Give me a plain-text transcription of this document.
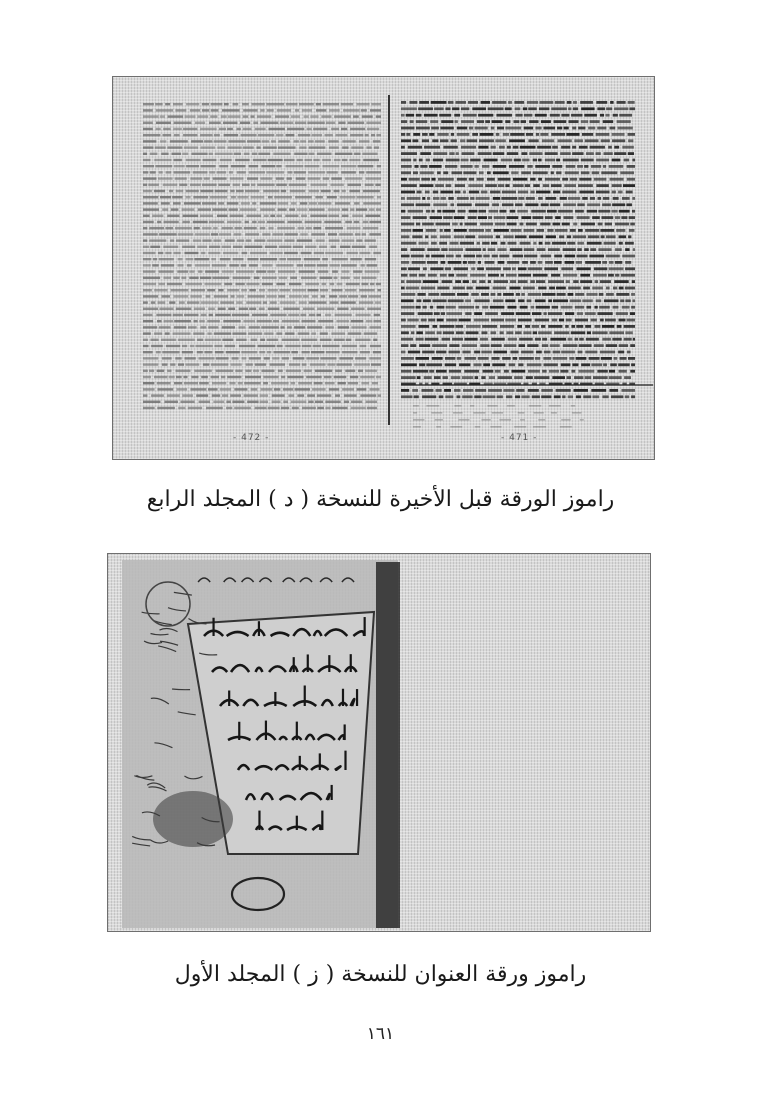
- 472 -	- 471 -
راموز الورقة قبل الأخيرة للنسخة ( د ) المجلد الرابع
راموز ورقة العنوان للنسخة ( ز ) المجلد الأول
١٦١
